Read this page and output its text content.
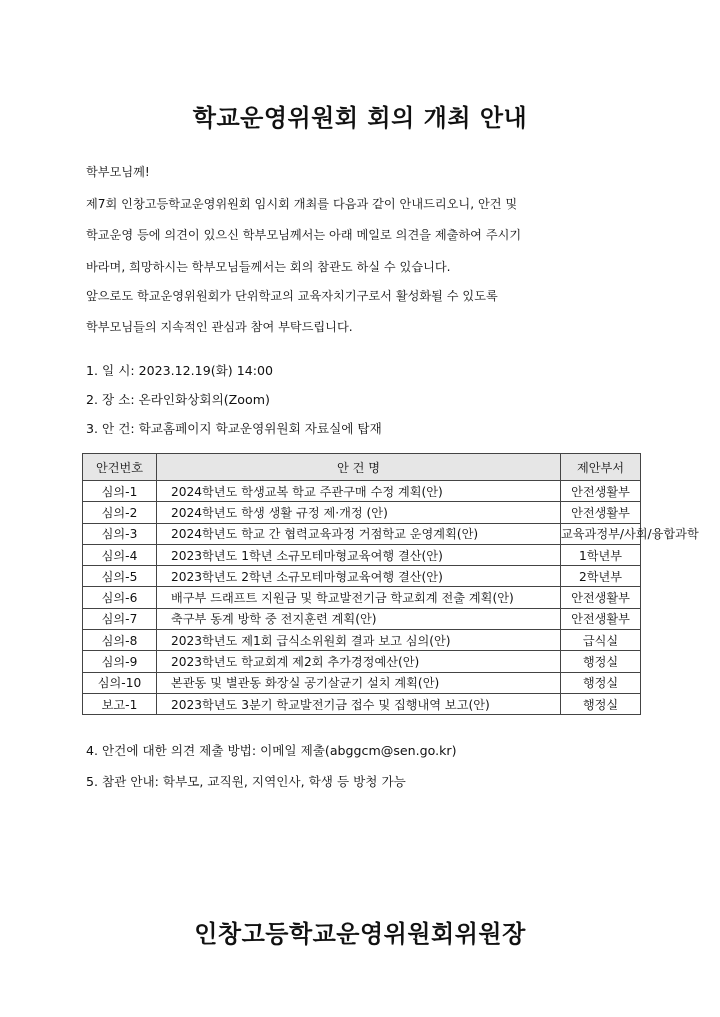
학교운영위원회 회의 개최 안내

학부모님께!

제7회 인창고등학교운영위원회 임시회 개최를 다음과 같이 안내드리오니, 안건 및

학교운영 등에 의견이 있으신 학부모님께서는 아래 메일로 의견을 제출하여 주시기

바라며, 희망하시는 학부모님들께서는 회의 참관도 하실 수 있습니다.

앞으로도 학교운영위원회가 단위학교의 교육자치기구로서 활성화될 수 있도록

학부모님들의 지속적인 관심과 참여 부탁드립니다.

1. 일 시: 2023.12.19(화) 14:00

2. 장 소: 온라인화상회의(Zoom)

3. 안 건: 학교홈페이지 학교운영위원회 자료실에 탑재

안건번호	안 건 명	제안부서
심의-1	2024학년도 학생교복 학교 주관구매 수정 계획(안)	안전생활부
심의-2	2024학년도 학생 생활 규정 제·개정 (안)	안전생활부
심의-3	2024학년도 학교 간 협력교육과정 거점학교 운영계획(안)	교육과정부/사회/융합과학
심의-4	2023학년도 1학년 소규모테마형교육여행 결산(안)	1학년부
심의-5	2023학년도 2학년 소규모테마형교육여행 결산(안)	2학년부
심의-6	배구부 드래프트 지원금 및 학교발전기금 학교회계 전출 계획(안)	안전생활부
심의-7	축구부 동계 방학 중 전지훈련 계획(안)	안전생활부
심의-8	2023학년도 제1회 급식소위원회 결과 보고 심의(안)	급식실
심의-9	2023학년도 학교회계 제2회 추가경정예산(안)	행정실
심의-10	본관동 및 별관동 화장실 공기살균기 설치 계획(안)	행정실
보고-1	2023학년도 3분기 학교발전기금 접수 및 집행내역 보고(안)	행정실

4. 안건에 대한 의견 제출 방법: 이메일 제출(abggcm@sen.go.kr)

5. 참관 안내: 학부모, 교직원, 지역인사, 학생 등 방청 가능

인창고등학교운영위원회위원장
